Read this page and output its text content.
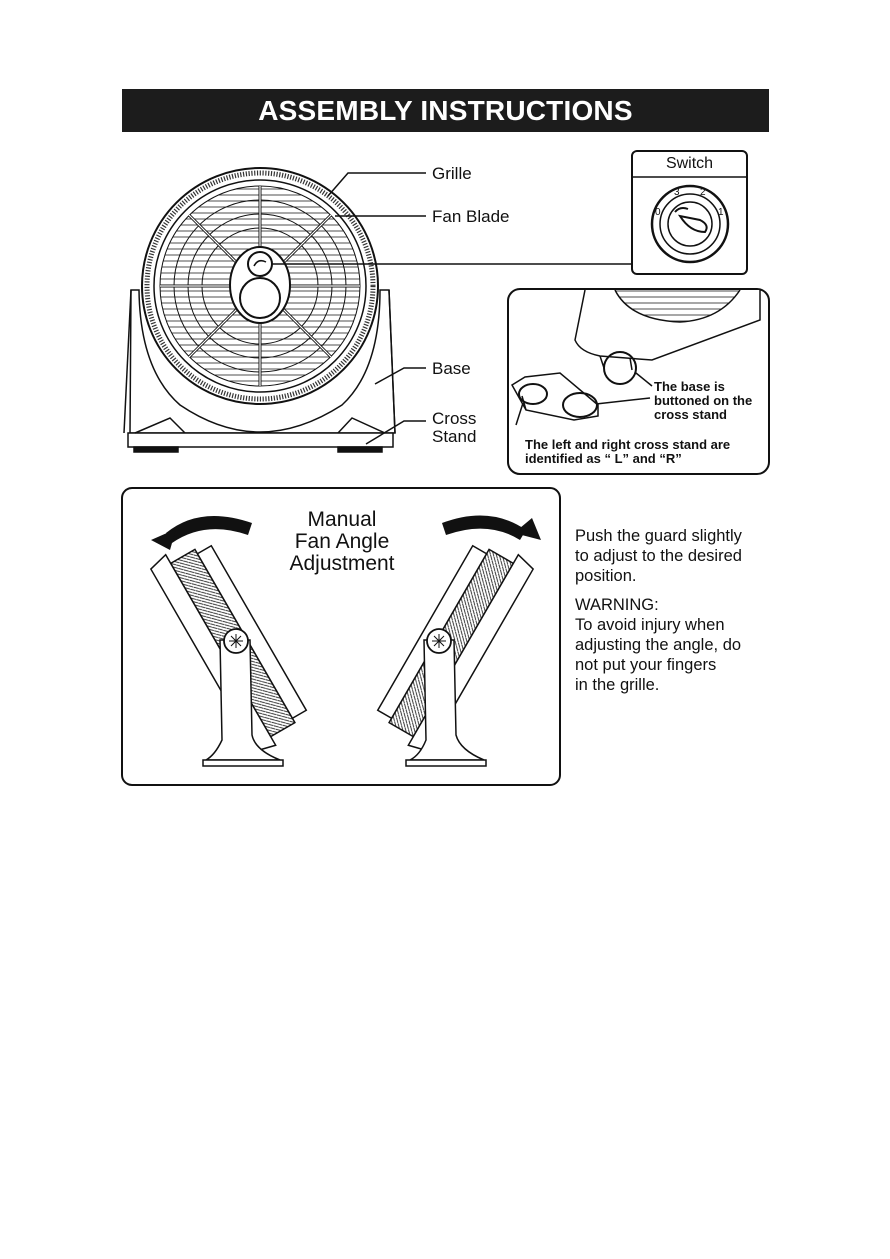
ASSEMBLY INSTRUCTIONS
Grille
Fan Blade
Base
Cross
Stand
Switch
0
3 2
1
The base is
buttoned on the
cross stand
The left and right cross stand are
identified as “ L” and “R”
Manual
Fan Angle
Adjustment
Push the guard slightly
to adjust to the desired
position.
WARNING:
To avoid injury when
adjusting the angle, do
not put your fingers
in the grille.
